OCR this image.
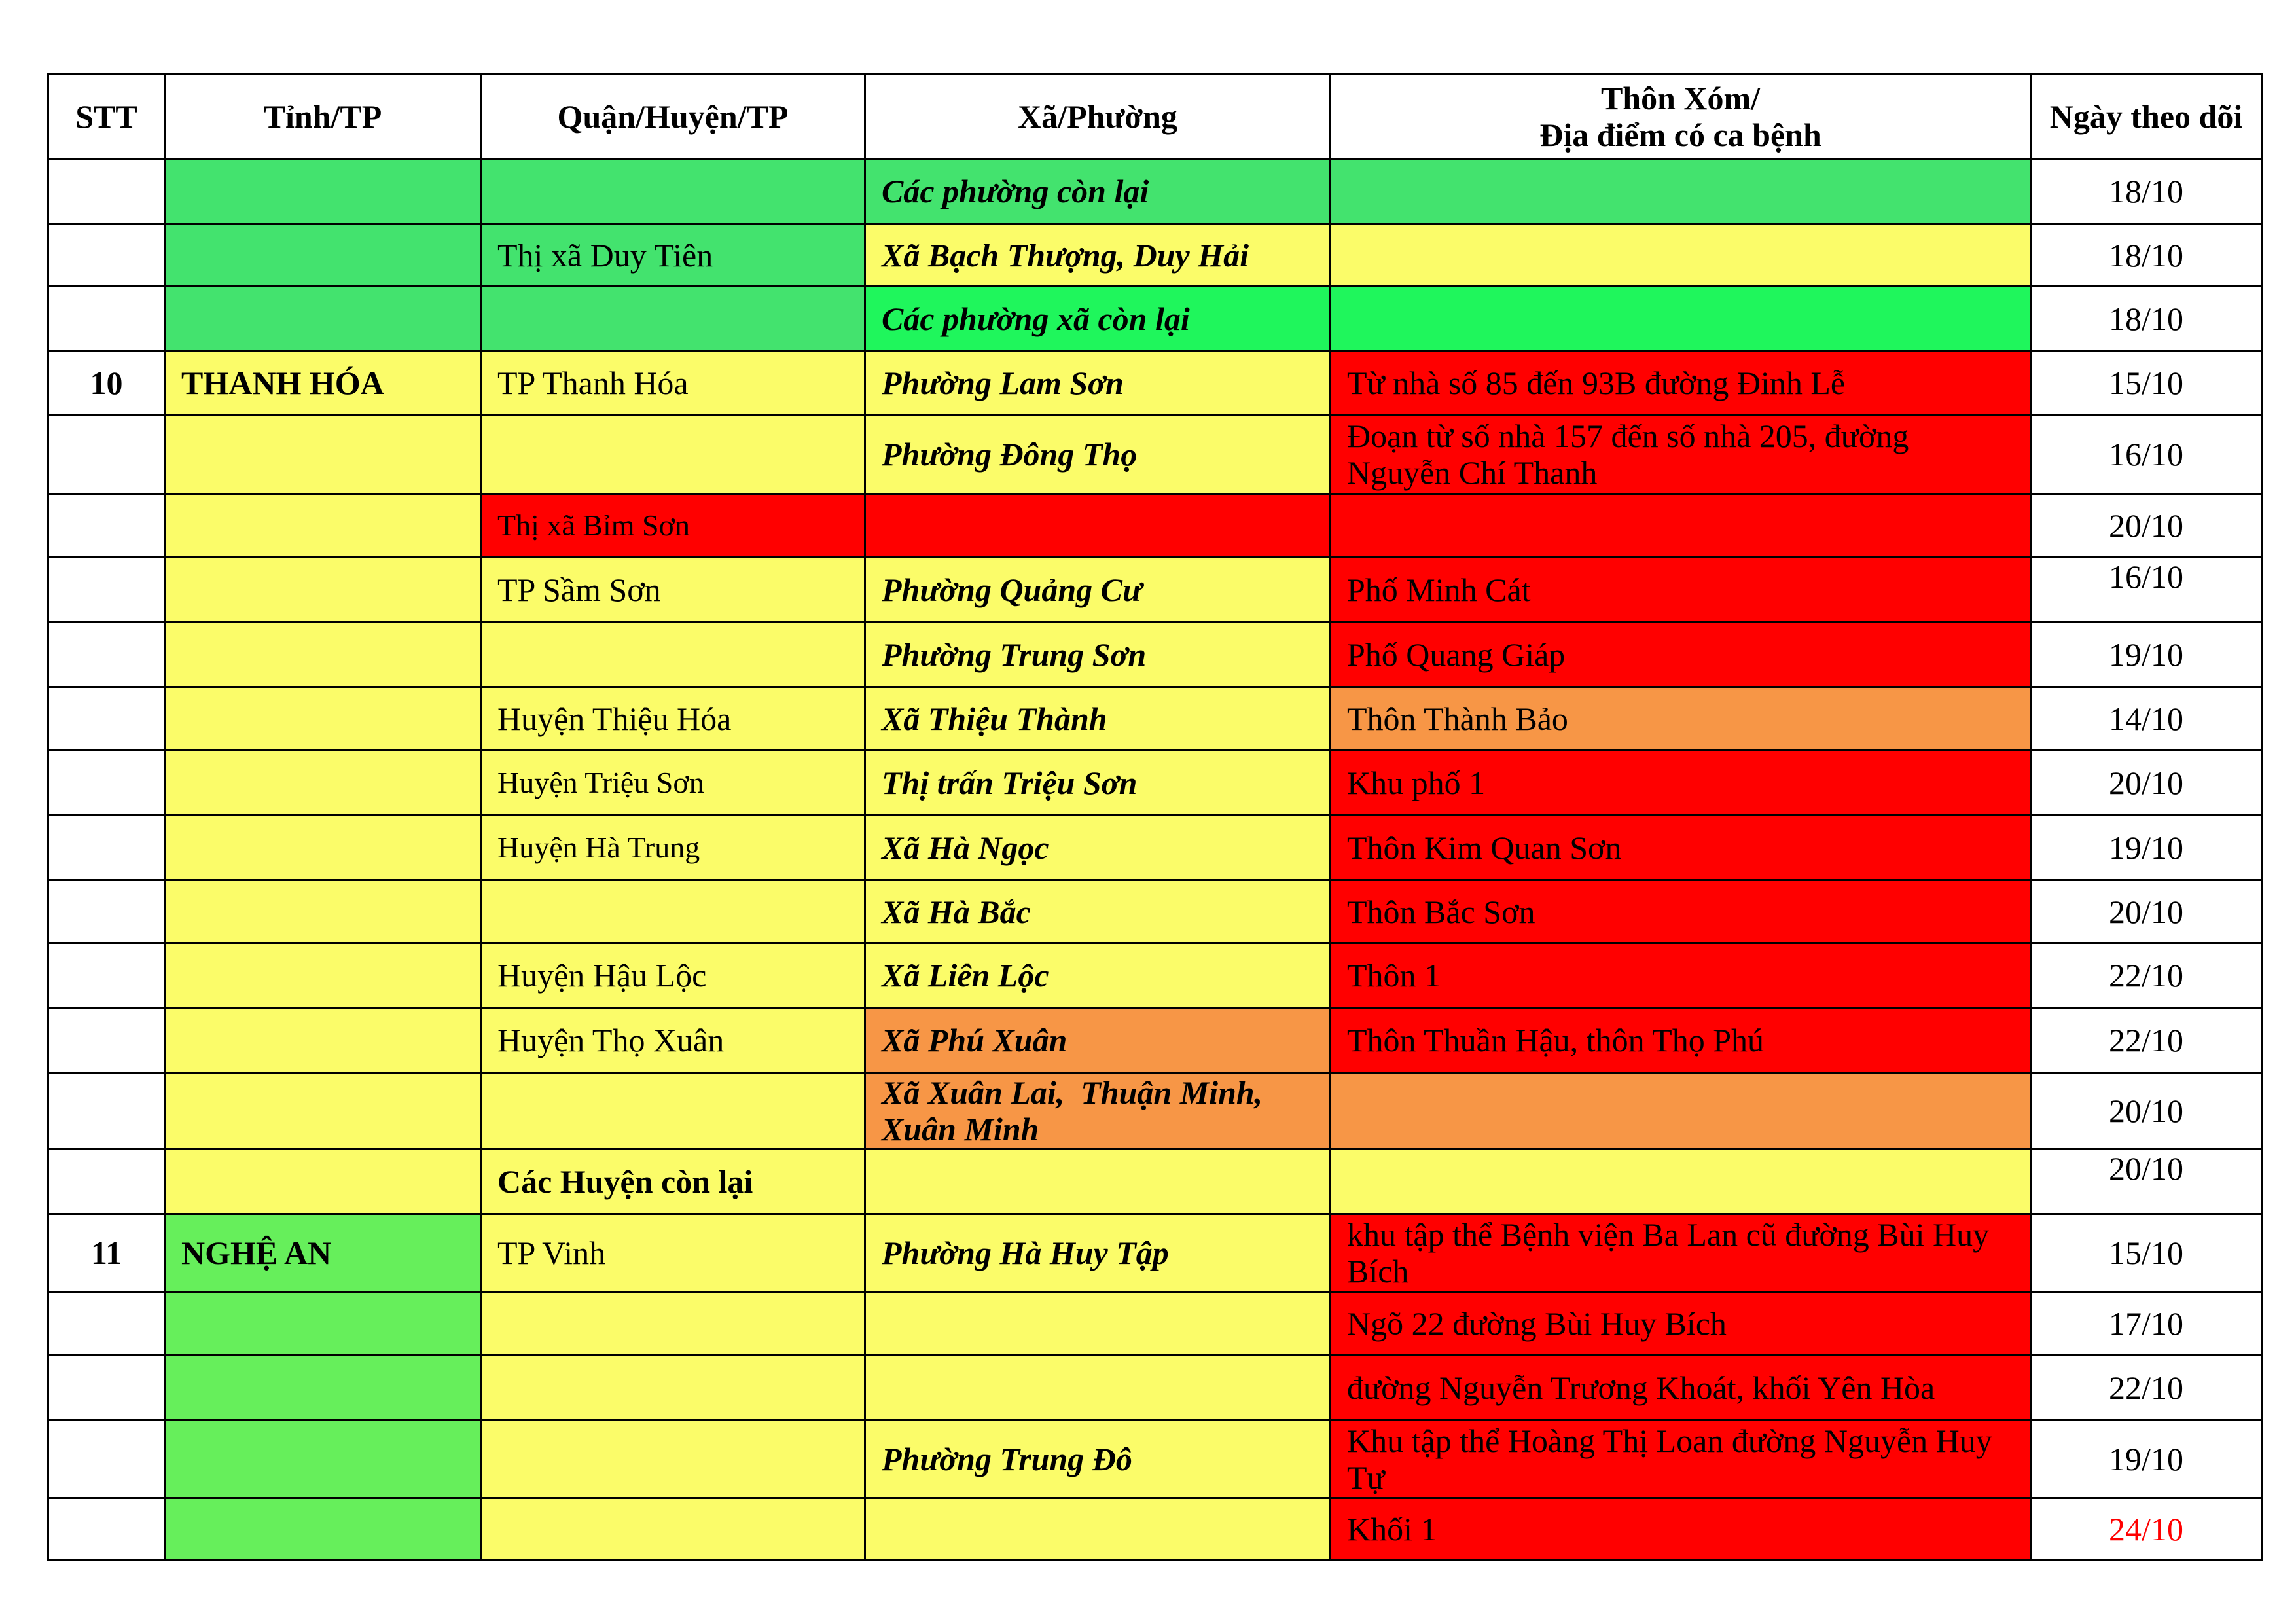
STT	Tỉnh/TP	Quận/Huyện/TP	Xã/Phường	Thôn Xóm/
Địa điểm có ca bệnh	Ngày theo dõi

			Các phường còn lại		18/10

		Thị xã Duy Tiên	Xã Bạch Thượng, Duy Hải		18/10

			Các phường xã còn lại		18/10

10	THANH HÓA	TP Thanh Hóa	Phường Lam Sơn	Từ nhà số 85 đến 93B đường Đinh Lễ	15/10

			Phường Đông Thọ	Đoạn từ số nhà 157 đến số nhà 205, đường
Nguyễn Chí Thanh	16/10

		Thị xã Bỉm Sơn			20/10

		TP Sầm Sơn	Phường Quảng Cư	Phố Minh Cát	16/10

			Phường Trung Sơn	Phố Quang Giáp	19/10

		Huyện Thiệu Hóa	Xã Thiệu Thành	Thôn Thành Bảo	14/10

		Huyện Triệu Sơn	Thị trấn Triệu Sơn	Khu phố 1	20/10

		Huyện Hà Trung	Xã Hà Ngọc	Thôn Kim Quan Sơn	19/10

			Xã Hà Bắc	Thôn Bắc Sơn	20/10

		Huyện Hậu Lộc	Xã Liên Lộc	Thôn 1	22/10

		Huyện Thọ Xuân	Xã Phú Xuân	Thôn Thuần Hậu, thôn Thọ Phú	22/10

			Xã Xuân Lai,  Thuận Minh,
Xuân Minh		20/10

		Các Huyện còn lại			20/10

11	NGHỆ AN	TP Vinh	Phường Hà Huy Tập	khu tập thể Bệnh viện Ba Lan cũ đường Bùi Huy
Bích	15/10

				Ngõ 22 đường Bùi Huy Bích	17/10

				đường Nguyễn Trương Khoát, khối Yên Hòa	22/10

			Phường Trung Đô	Khu tập thể Hoàng Thị Loan đường Nguyễn Huy
Tự	19/10

				Khối 1	24/10
